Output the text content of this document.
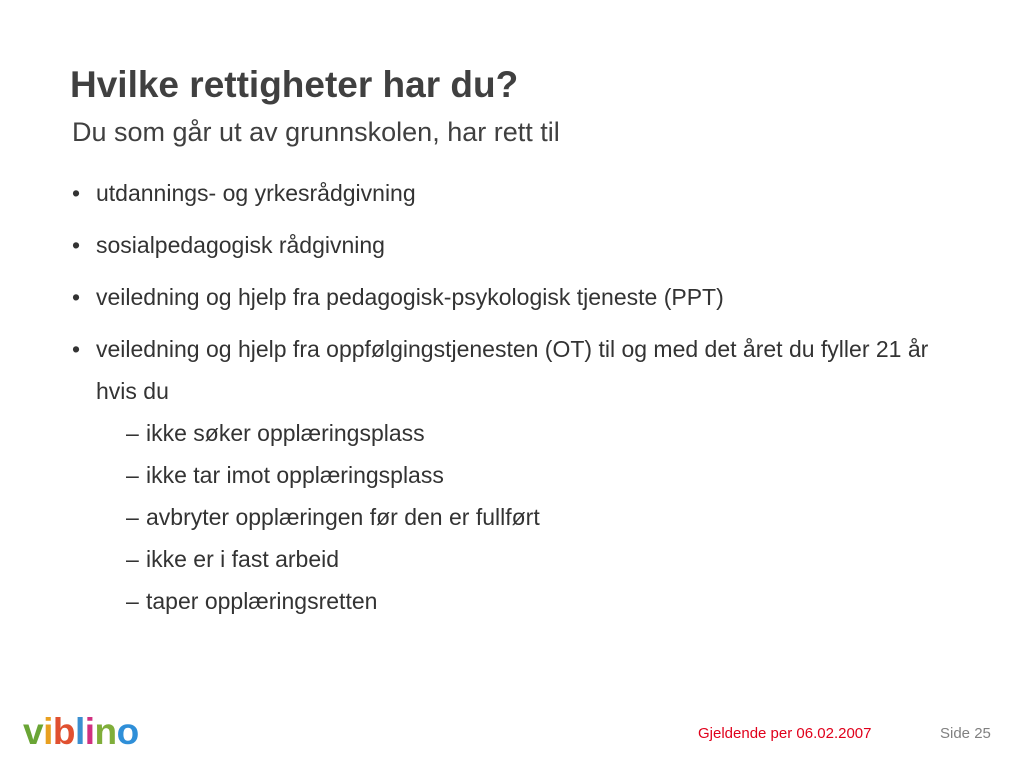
Hvilke rettigheter har du?
Du som går ut av grunnskolen, har rett til
• utdannings- og yrkesrådgivning
• sosialpedagogisk rådgivning
• veiledning og hjelp fra pedagogisk-psykologisk tjeneste (PPT)
• veiledning og hjelp fra oppfølgingstjenesten (OT) til og med det året du fyller 21 år hvis du
– ikke søker opplæringsplass
– ikke tar imot opplæringsplass
– avbryter opplæringen før den er fullført
– ikke er i fast arbeid
– taper opplæringsretten
viblino	Gjeldende per 06.02.2007	Side 25
